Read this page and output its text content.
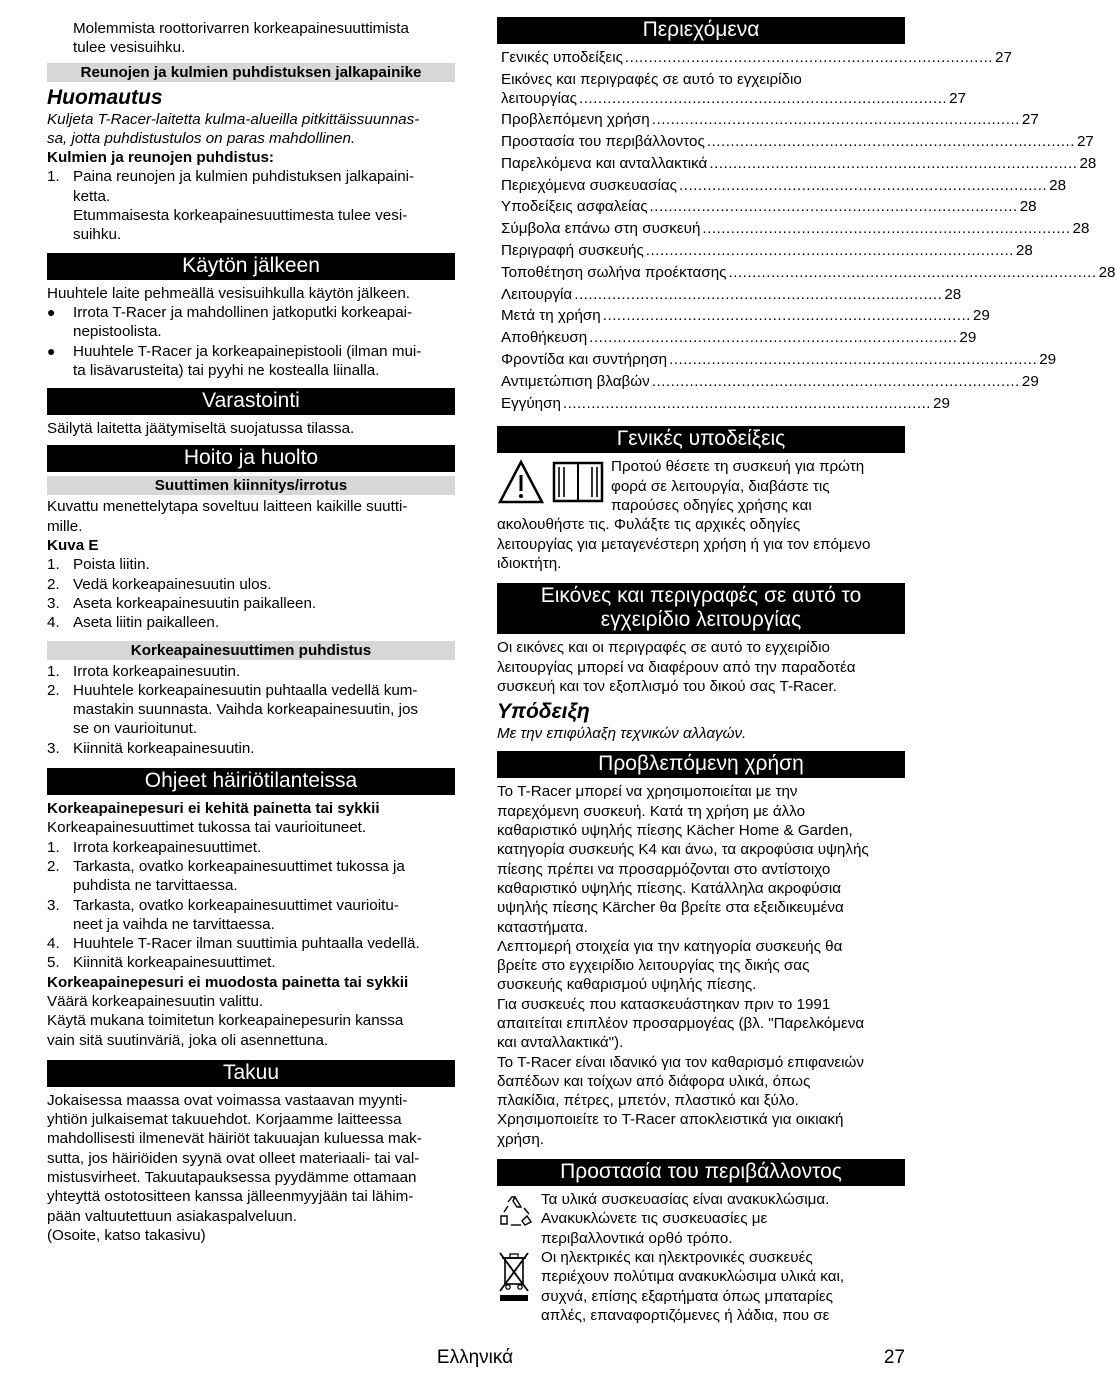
Molemmista roottorivarren korkeapainesuuttimista

tulee vesisuihku.

Reunojen ja kulmien puhdistuksen jalkapainike
Huomautus

Kuljeta T-Racer-laitetta kulma-alueilla pitkittäissuunnas-

sa, jotta puhdistustulos on paras mahdollinen.

Kulmien ja reunojen puhdistus:

1. Paina reunojen ja kulmien puhdistuksen jalkapaini-

ketta.

Etummaisesta korkeapainesuuttimesta tulee vesi-

suihku.

Käytön jälkeen

Huuhtele laite pehmeällä vesisuihkulla käytön jälkeen.

●	Irrota T-Racer ja mahdollinen jatkoputki korkeapai-

nepistoolista.

●	Huuhtele T-Racer ja korkeapainepistooli (ilman mui-

ta lisävarusteita) tai pyyhi ne kostealla liinalla.

Varastointi

Säilytä laitetta jäätymiseltä suojatussa tilassa.

Hoito ja huolto
Suuttimen kiinnitys/irrotus

Kuvattu menettelytapa soveltuu laitteen kaikille suutti-

mille.

Kuva E

1. Poista liitin.
2. Vedä korkeapainesuutin ulos.
3. Aseta korkeapainesuutin paikalleen.
4. Aseta liitin paikalleen.
Korkeapainesuuttimen puhdistus
1. Irrota korkeapainesuutin.
2. Huuhtele korkeapainesuutin puhtaalla vedellä kum-

mastakin suunnasta. Vaihda korkeapainesuutin, jos

se on vaurioitunut.

3. Kiinnitä korkeapainesuutin.
Ohjeet häiriötilanteissa

Korkeapainepesuri ei kehitä painetta tai sykkii

Korkeapainesuuttimet tukossa tai vaurioituneet.

1. Irrota korkeapainesuuttimet.
2. Tarkasta, ovatko korkeapainesuuttimet tukossa ja

puhdista ne tarvittaessa.

3. Tarkasta, ovatko korkeapainesuuttimet vaurioitu-

neet ja vaihda ne tarvittaessa.

4. Huuhtele T-Racer ilman suuttimia puhtaalla vedellä.
5. Kiinnitä korkeapainesuuttimet.

Korkeapainepesuri ei muodosta painetta tai sykkii

Väärä korkeapainesuutin valittu.

Käytä mukana toimitetun korkeapainepesurin kanssa

vain sitä suutinväriä, joka oli asennettuna.

Takuu

Jokaisessa maassa ovat voimassa vastaavan myynti-

yhtiön julkaisemat takuuehdot. Korjaamme laitteessa

mahdollisesti ilmenevät häiriöt takuuajan kuluessa mak-

sutta, jos häiriöiden syynä ovat olleet materiaali- tai val-

mistusvirheet. Takuutapauksessa pyydämme ottamaan

yhteyttä ostotositteen kanssa jälleenmyyjään tai lähim-

pään valtuutettuun asiakaspalveluun.

(Osoite, katso takasivu)

Περιεχόμενα
Γενικές υποδείξεις .............................................................................. 27
Εικόνες και περιγραφές σε αυτό το εγχειρίδιο
λειτουργίας .............................................................................. 27
Προβλεπόμενη χρήση .............................................................................. 27
Προστασία του περιβάλλοντος .............................................................................. 27
Παρελκόμενα και ανταλλακτικά .............................................................................. 28
Περιεχόμενα συσκευασίας .............................................................................. 28
Υποδείξεις ασφαλείας .............................................................................. 28
Σύμβολα επάνω στη συσκευή .............................................................................. 28
Περιγραφή συσκευής .............................................................................. 28
Τοποθέτηση σωλήνα προέκτασης .............................................................................. 28
Λειτουργία .............................................................................. 28
Μετά τη χρήση .............................................................................. 29
Αποθήκευση .............................................................................. 29
Φροντίδα και συντήρηση .............................................................................. 29
Αντιμετώπιση βλαβών .............................................................................. 29
Εγγύηση .............................................................................. 29
Γενικές υποδείξεις

Προτού θέσετε τη συσκευή για πρώτη

φορά σε λειτουργία, διαβάστε τις

παρούσες οδηγίες χρήσης και

ακολουθήστε τις. Φυλάξτε τις αρχικές οδηγίες

λειτουργίας για μεταγενέστερη χρήση ή για τον επόμενο

ιδιοκτήτη.

Εικόνες και περιγραφές σε αυτό το
εγχειρίδιο λειτουργίας

Οι εικόνες και οι περιγραφές σε αυτό το εγχειρίδιο

λειτουργίας μπορεί να διαφέρουν από την παραδοτέα

συσκευή και τον εξοπλισμό του δικού σας T-Racer.

Υπόδειξη

Με την επιφύλαξη τεχνικών αλλαγών.

Προβλεπόμενη χρήση

Το T-Racer μπορεί να χρησιμοποιείται με την

παρεχόμενη συσκευή. Κατά τη χρήση με άλλο

καθαριστικό υψηλής πίεσης Kächer Home & Garden,

κατηγορία συσκευής K4 και άνω, τα ακροφύσια υψηλής

πίεσης πρέπει να προσαρμόζονται στο αντίστοιχο

καθαριστικό υψηλής πίεσης. Κατάλληλα ακροφύσια

υψηλής πίεσης Kärcher θα βρείτε στα εξειδικευμένα

καταστήματα.

Λεπτομερή στοιχεία για την κατηγορία συσκευής θα

βρείτε στο εγχειρίδιο λειτουργίας της δικής σας

συσκευής καθαρισμού υψηλής πίεσης.

Για συσκευές που κατασκευάστηκαν πριν το 1991

απαιτείται επιπλέον προσαρμογέας (βλ. "Παρελκόμενα

και ανταλλακτικά").

Το T-Racer είναι ιδανικό για τον καθαρισμό επιφανειών

δαπέδων και τοίχων από διάφορα υλικά, όπως

πλακίδια, πέτρες, μπετόν, πλαστικό και ξύλο.

Χρησιμοποιείτε το T-Racer αποκλειστικά για οικιακή

χρήση.

Προστασία του περιβάλλοντος

Τα υλικά συσκευασίας είναι ανακυκλώσιμα.

Ανακυκλώνετε τις συσκευασίες με

περιβαλλοντικά ορθό τρόπο.

Οι ηλεκτρικές και ηλεκτρονικές συσκευές

περιέχουν πολύτιμα ανακυκλώσιμα υλικά και,

συχνά, επίσης εξαρτήματα όπως μπαταρίες

απλές, επαναφορτιζόμενες ή λάδια, που σε

Ελληνικά	27
